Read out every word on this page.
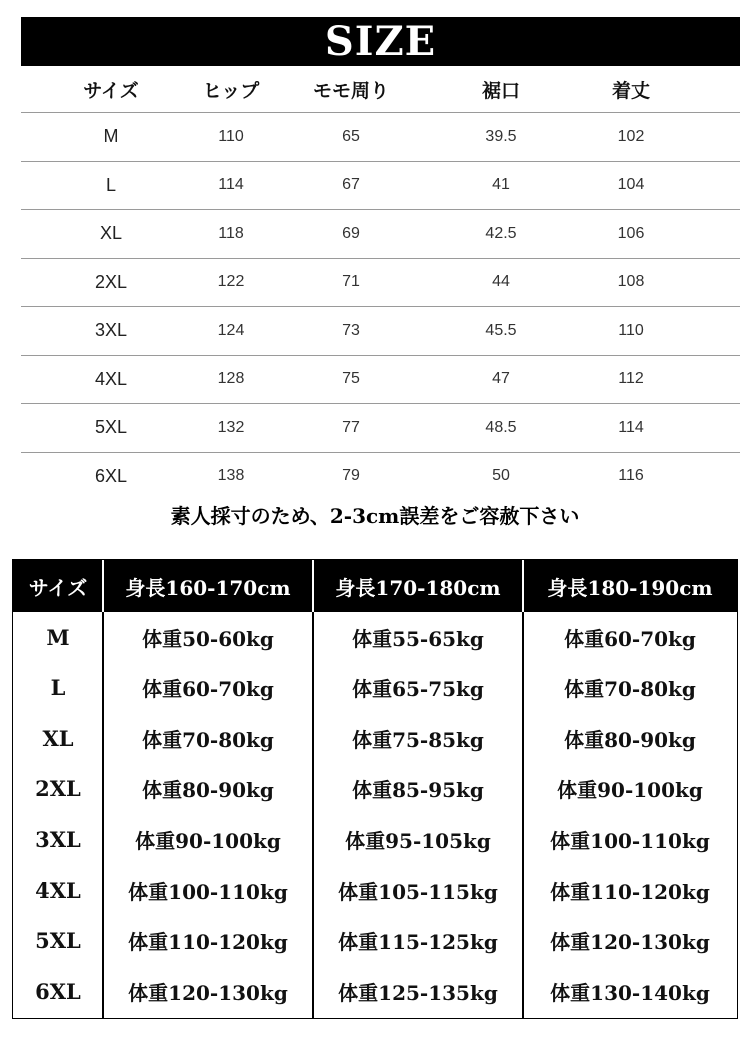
SIZE
サイズ	ヒップ	モモ周り	裾口	着丈
M	110	65	39.5	102
L	114	67	41	104
XL	118	69	42.5	106
2XL	122	71	44	108
3XL	124	73	45.5	110
4XL	128	75	47	112
5XL	132	77	48.5	114
6XL	138	79	50	116
素人採寸のため、2-3cm誤差をご容赦下さい
サイズ	身長160-170cm	身長170-180cm	身長180-190cm
M	体重50-60kg	体重55-65kg	体重60-70kg
L	体重60-70kg	体重65-75kg	体重70-80kg
XL	体重70-80kg	体重75-85kg	体重80-90kg
2XL	体重80-90kg	体重85-95kg	体重90-100kg
3XL	体重90-100kg	体重95-105kg	体重100-110kg
4XL	体重100-110kg	体重105-115kg	体重110-120kg
5XL	体重110-120kg	体重115-125kg	体重120-130kg
6XL	体重120-130kg	体重125-135kg	体重130-140kg
